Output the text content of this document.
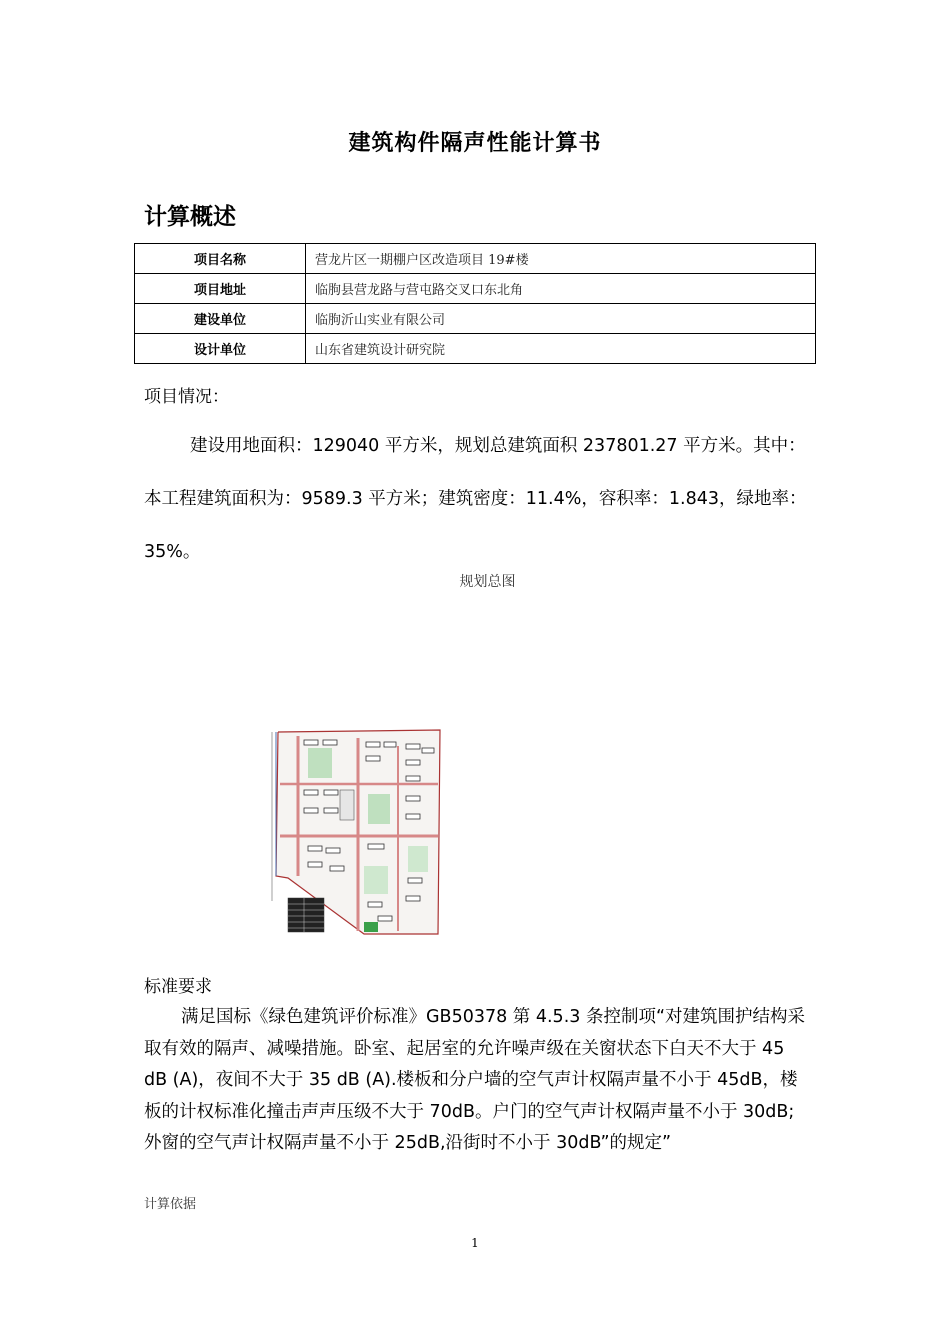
建筑构件隔声性能计算书
计算概述
项目名称	营龙片区一期棚户区改造项目 19#楼
项目地址	临朐县营龙路与营屯路交叉口东北角
建设单位	临朐沂山实业有限公司
设计单位	山东省建筑设计研究院
项目情况：
建设用地面积：129040 平方米，规划总建筑面积 237801.27 平方米。其中：本工程建筑面积为：9589.3 平方米；建筑密度：11.4%，容积率：1.843，绿地率：35%。
规划总图
标准要求
满足国标《绿色建筑评价标准》GB50378 第 4.5.3 条控制项“对建筑围护结构采取有效的隔声、减噪措施。卧室、起居室的允许噪声级在关窗状态下白天不大于 45 dB (A)，夜间不大于 35 dB (A).楼板和分户墙的空气声计权隔声量不小于 45dB，楼板的计权标准化撞击声声压级不大于 70dB。户门的空气声计权隔声量不小于 30dB;外窗的空气声计权隔声量不小于 25dB,沿街时不小于 30dB”的规定”
计算依据
1
